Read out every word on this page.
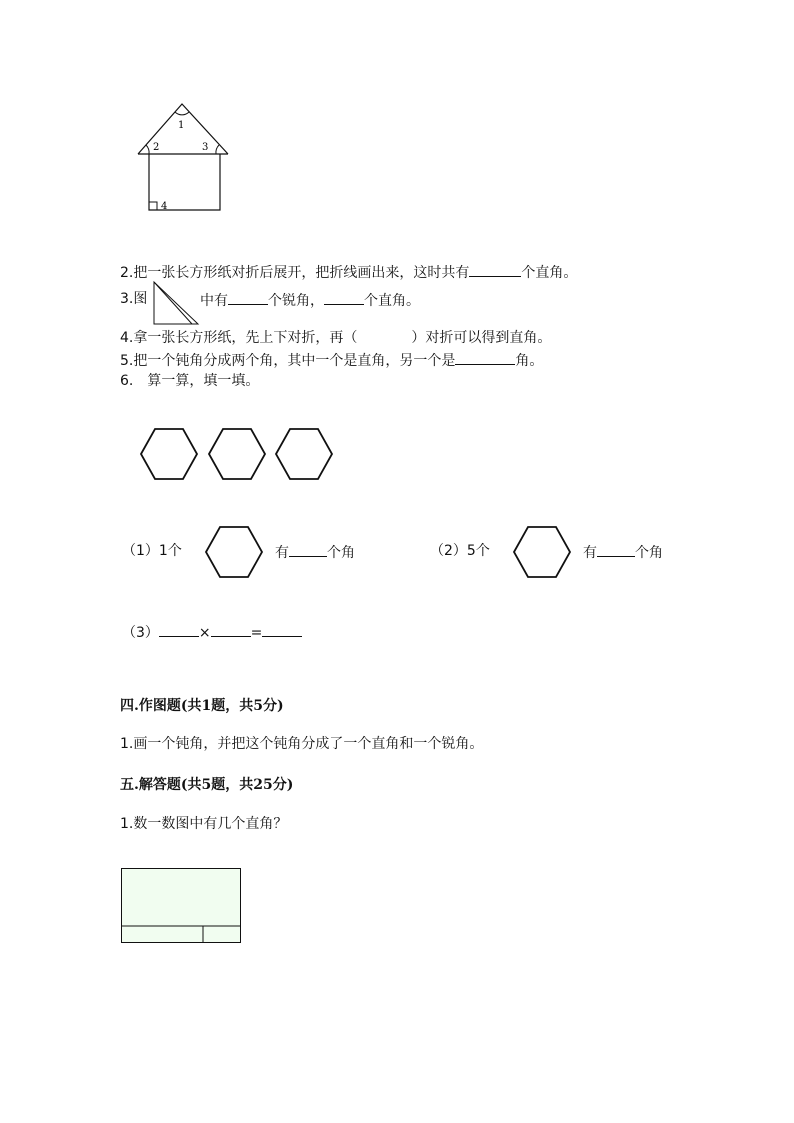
1
2	3
4
2.把一张长方形纸对折后展开，把折线画出来，这时共有	个直角。
3.图	中有	个锐角，	个直角。
4.拿一张长方形纸，先上下对折，再（	）对折可以得到直角。
5.把一个钝角分成两个角，其中一个是直角，另一个是	角。
6.　算一算，填一填。
（1）1个	有	个角	（2）5个	有	个角
（3）	×	=
四.作图题(共1题，共5分)
1.画一个钝角，并把这个钝角分成了一个直角和一个锐角。
五.解答题(共5题，共25分)
1.数一数图中有几个直角？
